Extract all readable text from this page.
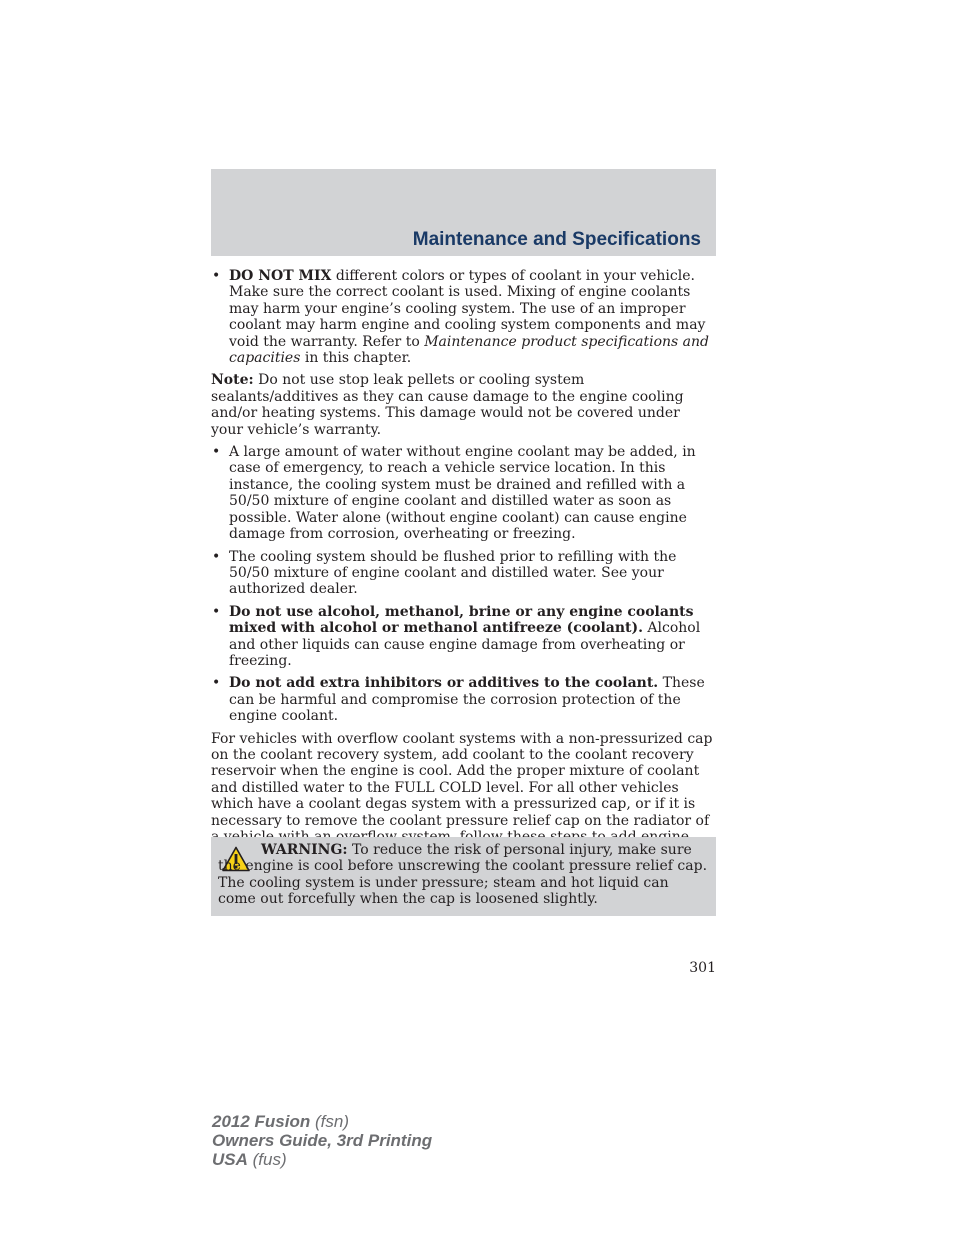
Maintenance and Specifications
• DO NOT MIX different colors or types of coolant in your vehicle. Make sure the correct coolant is used. Mixing of engine coolants may harm your engine’s cooling system. The use of an improper coolant may harm engine and cooling system components and may void the warranty. Refer to Maintenance product specifications and capacities in this chapter.

Note: Do not use stop leak pellets or cooling system sealants/additives as they can cause damage to the engine cooling and/or heating systems. This damage would not be covered under your vehicle’s warranty.

• A large amount of water without engine coolant may be added, in case of emergency, to reach a vehicle service location. In this instance, the cooling system must be drained and refilled with a 50/50 mixture of engine coolant and distilled water as soon as possible. Water alone (without engine coolant) can cause engine damage from corrosion, overheating or freezing.
• The cooling system should be flushed prior to refilling with the 50/50 mixture of engine coolant and distilled water. See your authorized dealer.
• Do not use alcohol, methanol, brine or any engine coolants mixed with alcohol or methanol antifreeze (coolant). Alcohol and other liquids can cause engine damage from overheating or freezing.
• Do not add extra inhibitors or additives to the coolant. These can be harmful and compromise the corrosion protection of the engine coolant.

For vehicles with overflow coolant systems with a non-pressurized cap on the coolant recovery system, add coolant to the coolant recovery reservoir when the engine is cool. Add the proper mixture of coolant and distilled water to the FULL COLD level. For all other vehicles which have a coolant degas system with a pressurized cap, or if it is necessary to remove the coolant pressure relief cap on the radiator of

WARNING: To reduce the risk of personal injury, make sure the engine is cool before unscrewing the coolant pressure relief cap. The cooling system is under pressure; steam and hot liquid can come out forcefully when the cap is loosened slightly.
301
2012 Fusion (fsn)
Owners Guide, 3rd Printing
USA (fus)
